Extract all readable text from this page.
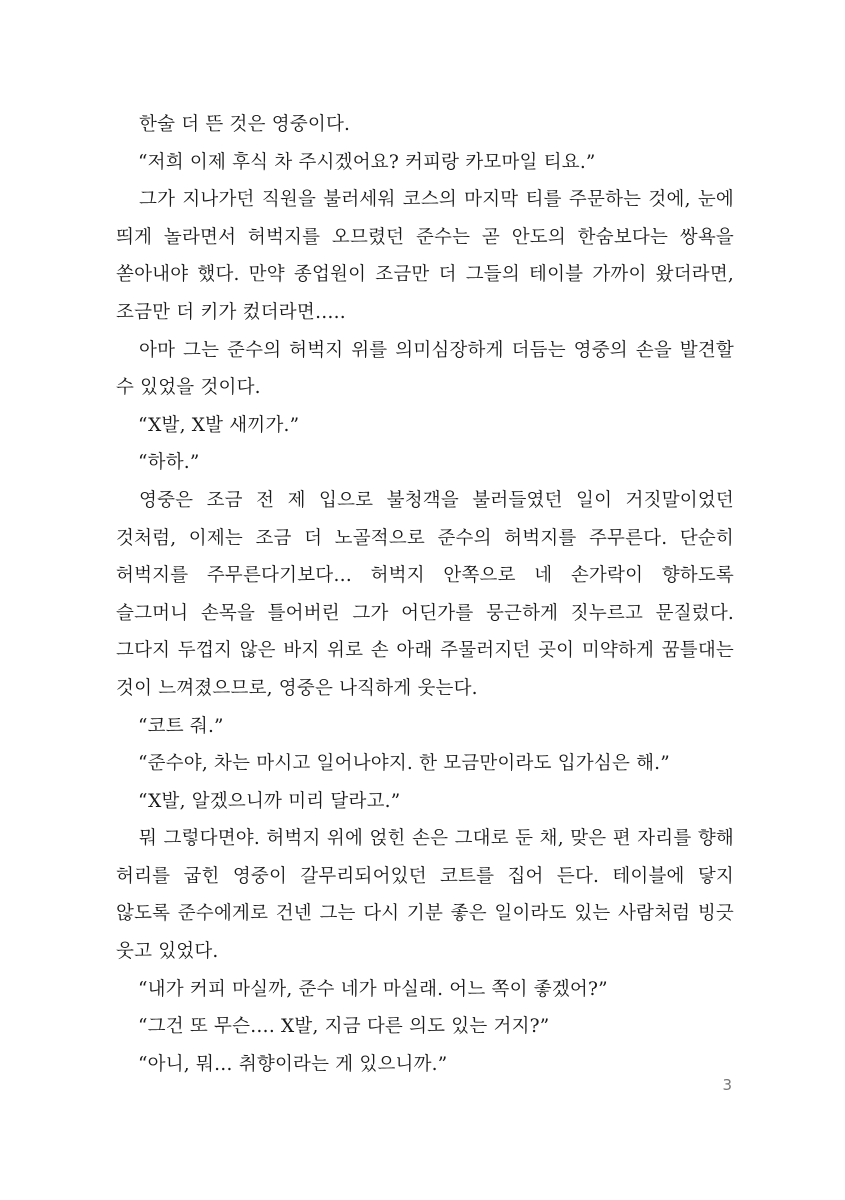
한술 더 뜬 것은 영중이다.

“저희 이제 후식 차 주시겠어요? 커피랑 카모마일 티요.”

그가 지나가던 직원을 불러세워 코스의 마지막 티를 주문하는 것에, 눈에 띄게 놀라면서 허벅지를 오므렸던 준수는 곧 안도의 한숨보다는 쌍욕을 쏟아내야 했다. 만약 종업원이 조금만 더 그들의 테이블 가까이 왔더라면, 조금만 더 키가 컸더라면…..

아마 그는 준수의 허벅지 위를 의미심장하게 더듬는 영중의 손을 발견할 수 있었을 것이다.

“X발, X발 새끼가.”

“하하.”

영중은 조금 전 제 입으로 불청객을 불러들였던 일이 거짓말이었던 것처럼, 이제는 조금 더 노골적으로 준수의 허벅지를 주무른다. 단순히 허벅지를 주무른다기보다… 허벅지 안쪽으로 네 손가락이 향하도록 슬그머니 손목을 틀어버린 그가 어딘가를 뭉근하게 짓누르고 문질렀다. 그다지 두껍지 않은 바지 위로 손 아래 주물러지던 곳이 미약하게 꿈틀대는 것이 느껴졌으므로, 영중은 나직하게 웃는다.

“코트 줘.”

“준수야, 차는 마시고 일어나야지. 한 모금만이라도 입가심은 해.”

“X발, 알겠으니까 미리 달라고.”

뭐 그렇다면야. 허벅지 위에 얹힌 손은 그대로 둔 채, 맞은 편 자리를 향해 허리를 굽힌 영중이 갈무리되어있던 코트를 집어 든다. 테이블에 닿지 않도록 준수에게로 건넨 그는 다시 기분 좋은 일이라도 있는 사람처럼 빙긋 웃고 있었다.

“내가 커피 마실까, 준수 네가 마실래. 어느 쪽이 좋겠어?”

“그건 또 무슨…. X발, 지금 다른 의도 있는 거지?”

“아니, 뭐… 취향이라는 게 있으니까.”

3
